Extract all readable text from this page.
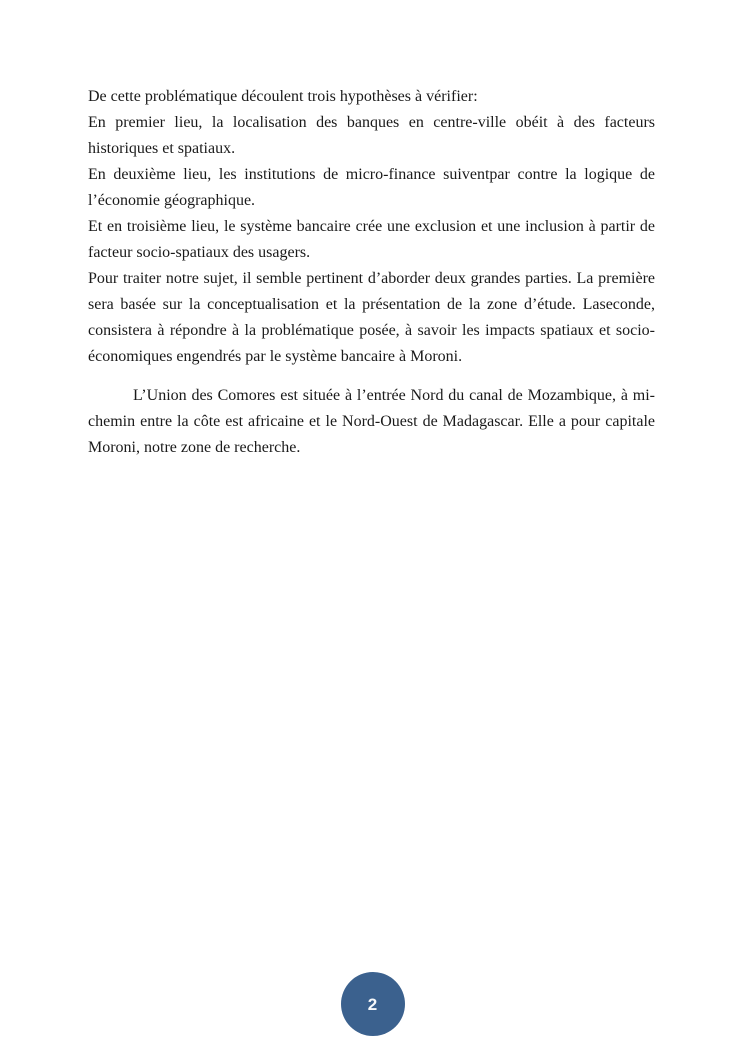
De cette problématique découlent trois hypothèses à vérifier:

En premier lieu, la localisation des banques en centre-ville obéit à des facteurs historiques et spatiaux.

En deuxième lieu, les institutions de micro-finance suiventpar contre la logique de l’économie géographique.

Et en troisième lieu, le système bancaire crée une exclusion et une inclusion à partir de facteur socio-spatiaux des usagers.

Pour traiter notre sujet, il semble pertinent d’aborder deux grandes parties. La première sera basée sur la conceptualisation et la présentation de la zone d’étude. Laseconde, consistera à répondre à la problématique posée, à savoir les impacts spatiaux et socio-économiques engendrés par le système bancaire à Moroni.

L’Union des Comores est située à l’entrée Nord du canal de Mozambique, à mi-chemin entre la côte est africaine et le Nord-Ouest de Madagascar. Elle a pour capitale Moroni, notre zone de recherche.

2
